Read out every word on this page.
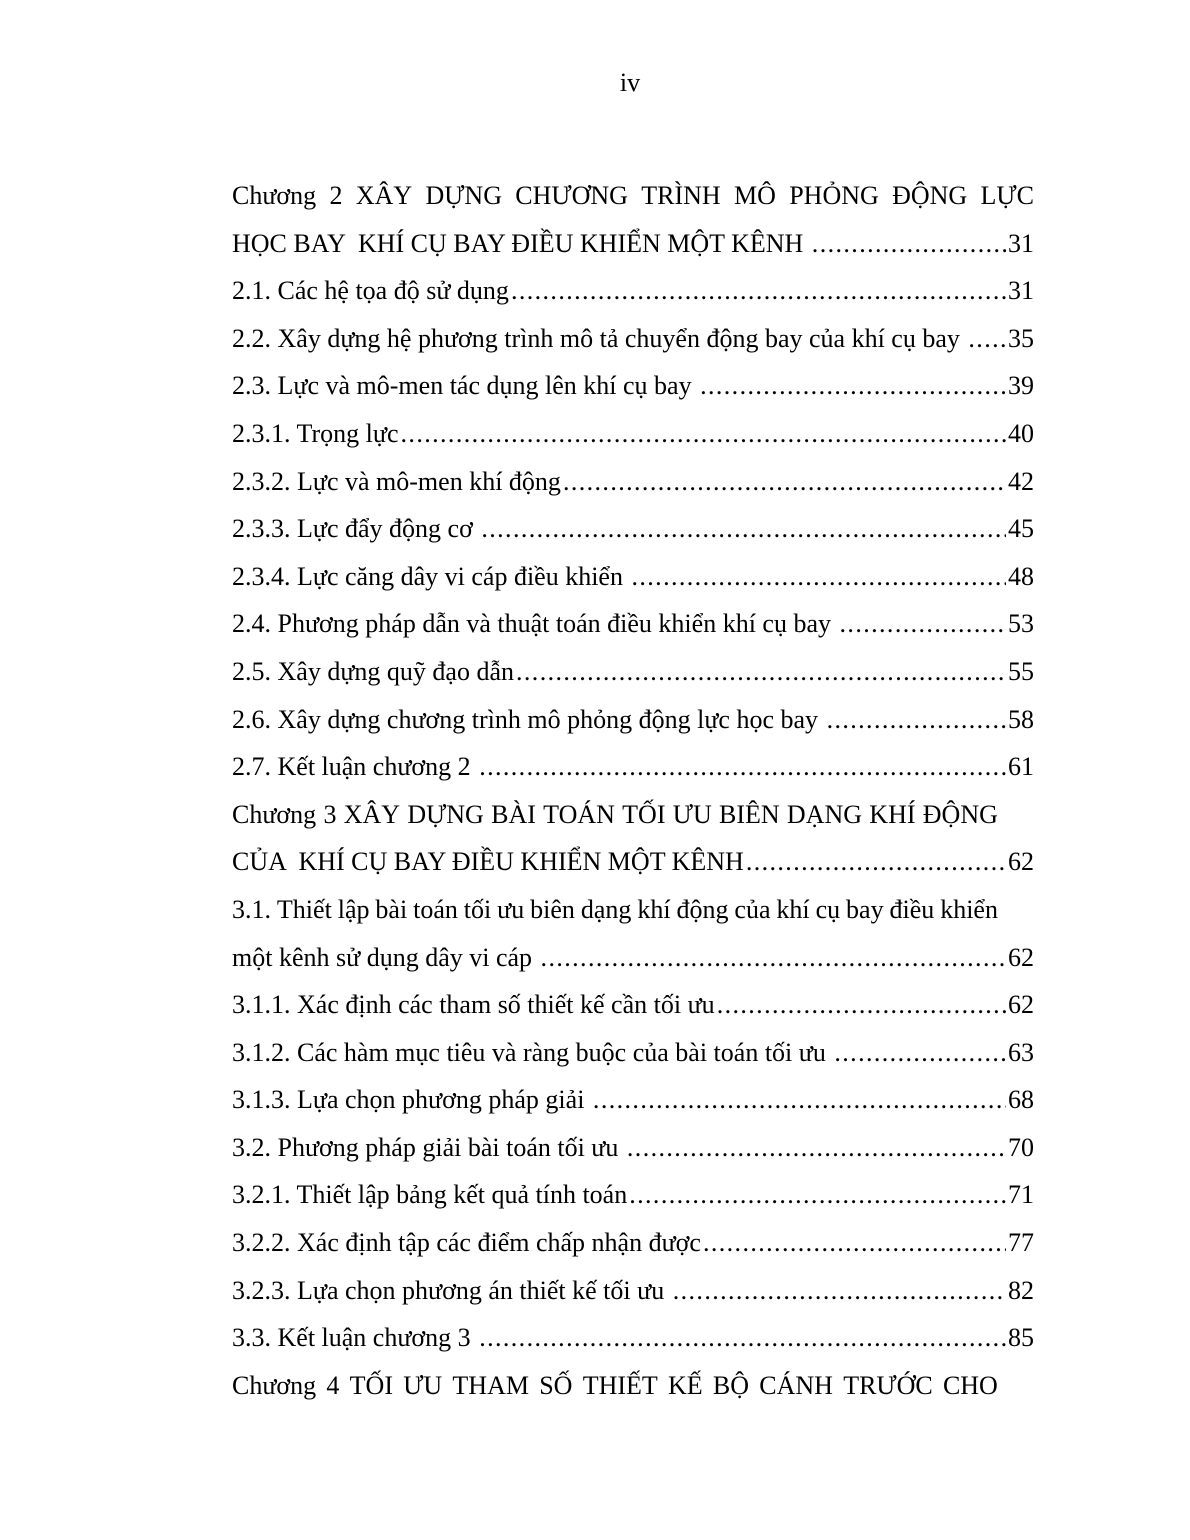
iv
Chương 2 XÂY DỰNG CHƯƠNG TRÌNH MÔ PHỎNG ĐỘNG LỰC
HỌC BAY  KHÍ CỤ BAY ĐIỀU KHIỂN MỘT KÊNH .....	31
2.1. Các hệ tọa độ sử dụng .....	31
2.2. Xây dựng hệ phương trình mô tả chuyển động bay của khí cụ bay ..... 35
2.3. Lực và mô-men tác dụng lên khí cụ bay .....	39
2.3.1. Trọng lực .....	40
2.3.2. Lực và mô-men khí động .....	42
2.3.3. Lực đẩy động cơ .....	45
2.3.4. Lực căng dây vi cáp điều khiển .....	48
2.4. Phương pháp dẫn và thuật toán điều khiển khí cụ bay .....	53
2.5. Xây dựng quỹ đạo dẫn .....	55
2.6. Xây dựng chương trình mô phỏng động lực học bay .....	58
2.7. Kết luận chương 2 .....	61
Chương 3 XÂY DỰNG BÀI TOÁN TỐI ƯU BIÊN DẠNG KHÍ ĐỘNG
CỦA  KHÍ CỤ BAY ĐIỀU KHIỂN MỘT KÊNH .....	62
3.1. Thiết lập bài toán tối ưu biên dạng khí động của khí cụ bay điều khiển
một kênh sử dụng dây vi cáp .....	62
3.1.1. Xác định các tham số thiết kế cần tối ưu .....	62
3.1.2. Các hàm mục tiêu và ràng buộc của bài toán tối ưu .....	63
3.1.3. Lựa chọn phương pháp giải .....	68
3.2. Phương pháp giải bài toán tối ưu .....	70
3.2.1. Thiết lập bảng kết quả tính toán .....	71
3.2.2. Xác định tập các điểm chấp nhận được .....	77
3.2.3. Lựa chọn phương án thiết kế tối ưu .....	82
3.3. Kết luận chương 3 .....	85
Chương 4 TỐI ƯU THAM SỐ THIẾT KẾ BỘ CÁNH TRƯỚC CHO
